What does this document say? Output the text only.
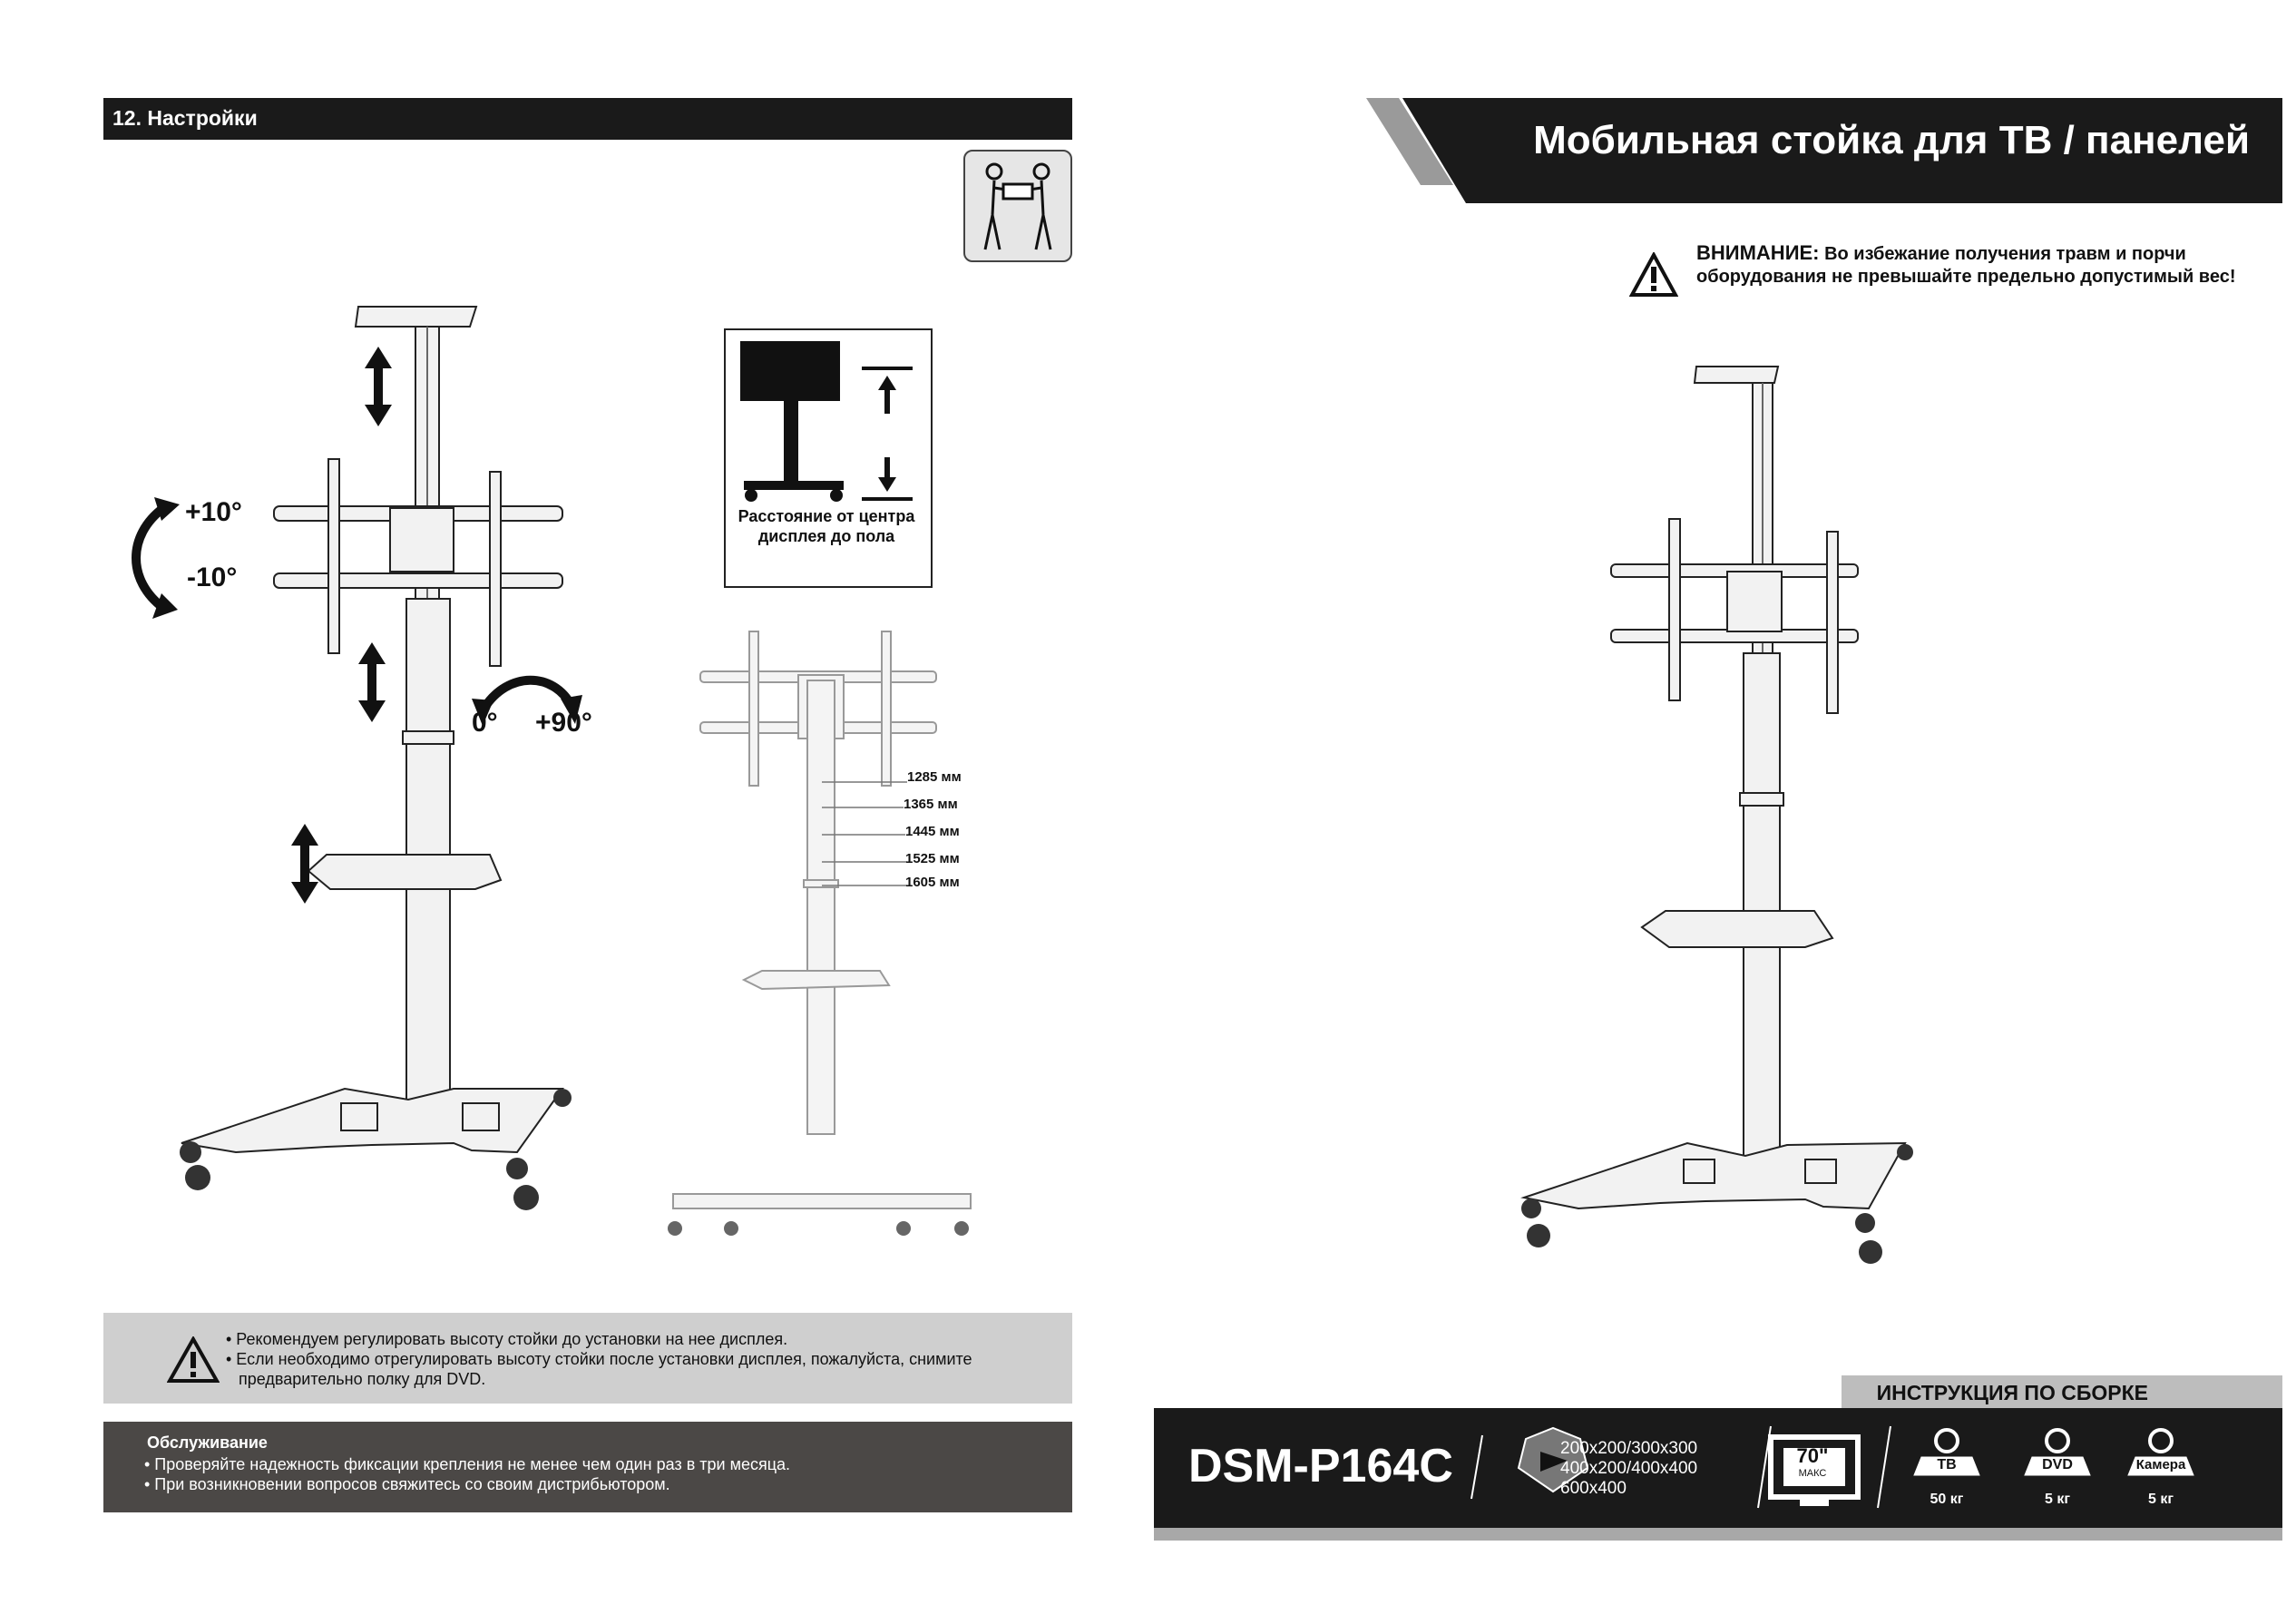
12. Настройки
+10°
-10°
0° +90°
Расстояние от центра дисплея до пола
1285 мм
1365 мм
1445 мм
1525 мм
1605 мм
• Рекомендуем регулировать высоту стойки до установки на нее дисплея.
• Если необходимо отрегулировать высоту стойки после установки дисплея, пожалуйста, снимите
предварительно полку для DVD.
Обслуживание
• Проверяйте надежность фиксации крепления не менее чем один раз в три месяца.
• При возникновении вопросов свяжитесь со своим дистрибьютором.
Мобильная стойка для ТВ / панелей
ВНИМАНИЕ: Во избежание получения травм и порчи
оборудования не превышайте предельно допустимый вес!
ИНСТРУКЦИЯ ПО СБОРКЕ
DSM-P164C	200x200/300x300
400x200/400x400
600x400
70"
МАКС
ТВ
50 кг
DVD
5 кг
Камера
5 кг
